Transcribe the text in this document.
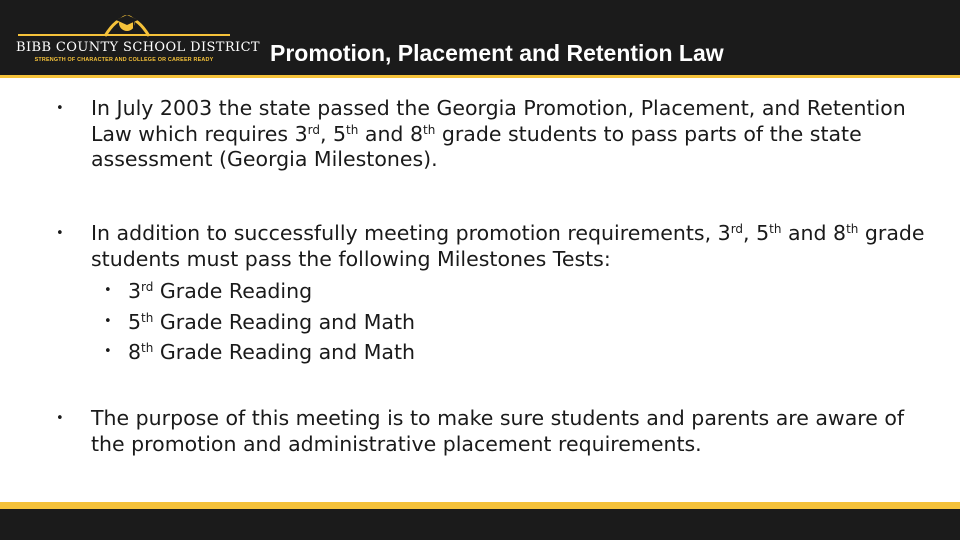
BIBB COUNTY SCHOOL DISTRICT
STRENGTH OF CHARACTER AND COLLEGE OR CAREER READY	Promotion, Placement and Retention Law
• In July 2003 the state passed the Georgia Promotion, Placement, and Retention Law which requires 3rd, 5th and 8th grade students to pass parts of the state assessment (Georgia Milestones).
• In addition to successfully meeting promotion requirements, 3rd, 5th and 8th grade students must pass the following Milestones Tests:
• 3rd Grade Reading
• 5th Grade Reading and Math
• 8th Grade Reading and Math
• The purpose of this meeting is to make sure students and parents are aware of the promotion and administrative placement requirements.
